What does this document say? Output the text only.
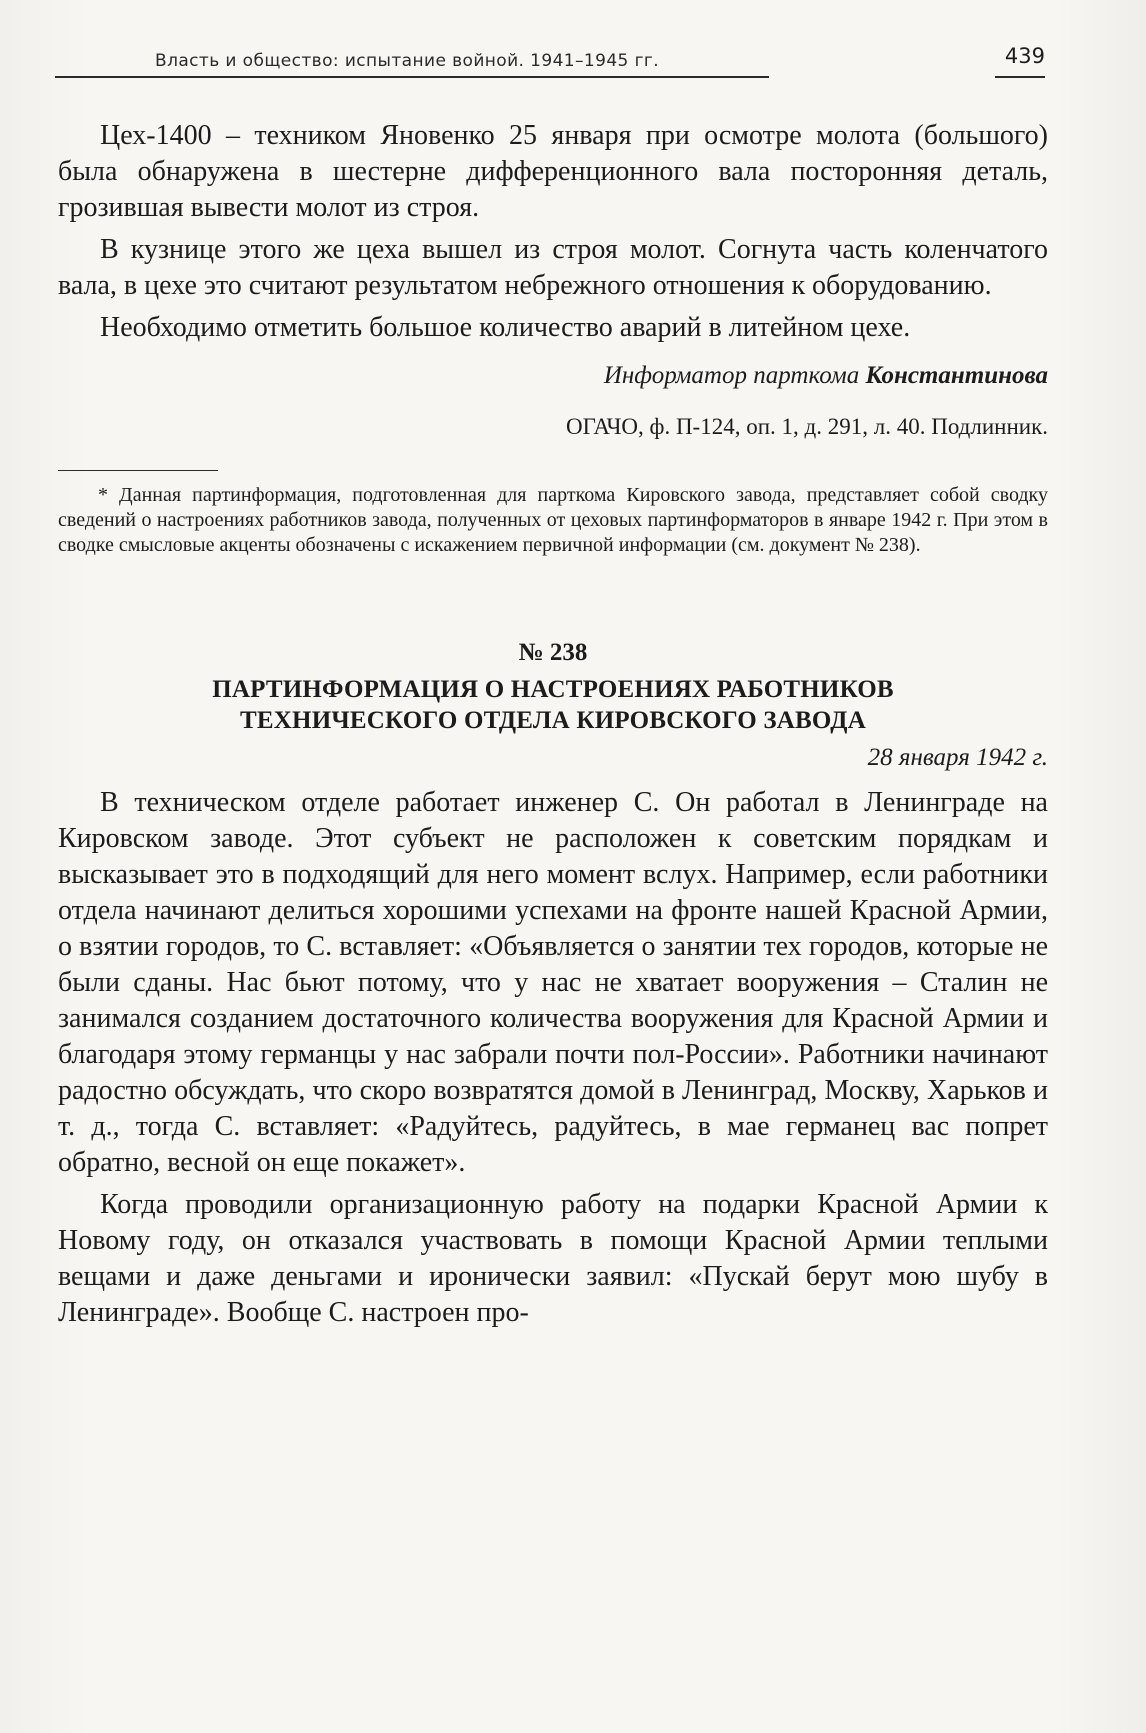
Власть и общество: испытание войной. 1941–1945 гг.	439

Цех-1400 – техником Яновенко 25 января при осмотре молота (большого) была обнаружена в шестерне дифференционного вала посторонняя деталь, грозившая вывести молот из строя.

В кузнице этого же цеха вышел из строя молот. Согнута часть коленчатого вала, в цехе это считают результатом небрежного отношения к оборудованию.

Необходимо отметить большое количество аварий в литейном цехе.

Информатор парткома Константинова

ОГАЧО, ф. П-124, оп. 1, д. 291, л. 40. Подлинник.

* Данная партинформация, подготовленная для парткома Кировского завода, представляет собой сводку сведений о настроениях работников завода, полученных от цеховых партинформаторов в январе 1942 г. При этом в сводке смысловые акценты обозначены с искажением первичной информации (см. документ № 238).

№ 238

ПАРТИНФОРМАЦИЯ О НАСТРОЕНИЯХ РАБОТНИКОВ
ТЕХНИЧЕСКОГО ОТДЕЛА КИРОВСКОГО ЗАВОДА

28 января 1942 г.

В техническом отделе работает инженер С. Он работал в Ленинграде на Кировском заводе. Этот субъект не расположен к советским порядкам и высказывает это в подходящий для него момент вслух. Например, если работники отдела начинают делиться хорошими успехами на фронте нашей Красной Армии, о взятии городов, то С. вставляет: «Объявляется о занятии тех городов, которые не были сданы. Нас бьют потому, что у нас не хватает вооружения – Сталин не занимался созданием достаточного количества вооружения для Красной Армии и благодаря этому германцы у нас забрали почти пол-России». Работники начинают радостно обсуждать, что скоро возвратятся домой в Ленинград, Москву, Харьков и т. д., тогда С. вставляет: «Радуйтесь, радуйтесь, в мае германец вас попрет обратно, весной он еще покажет».

Когда проводили организационную работу на подарки Красной Армии к Новому году, он отказался участвовать в помощи Красной Армии теплыми вещами и даже деньгами и иронически заявил: «Пускай берут мою шубу в Ленинграде». Вообще С. настроен про-
